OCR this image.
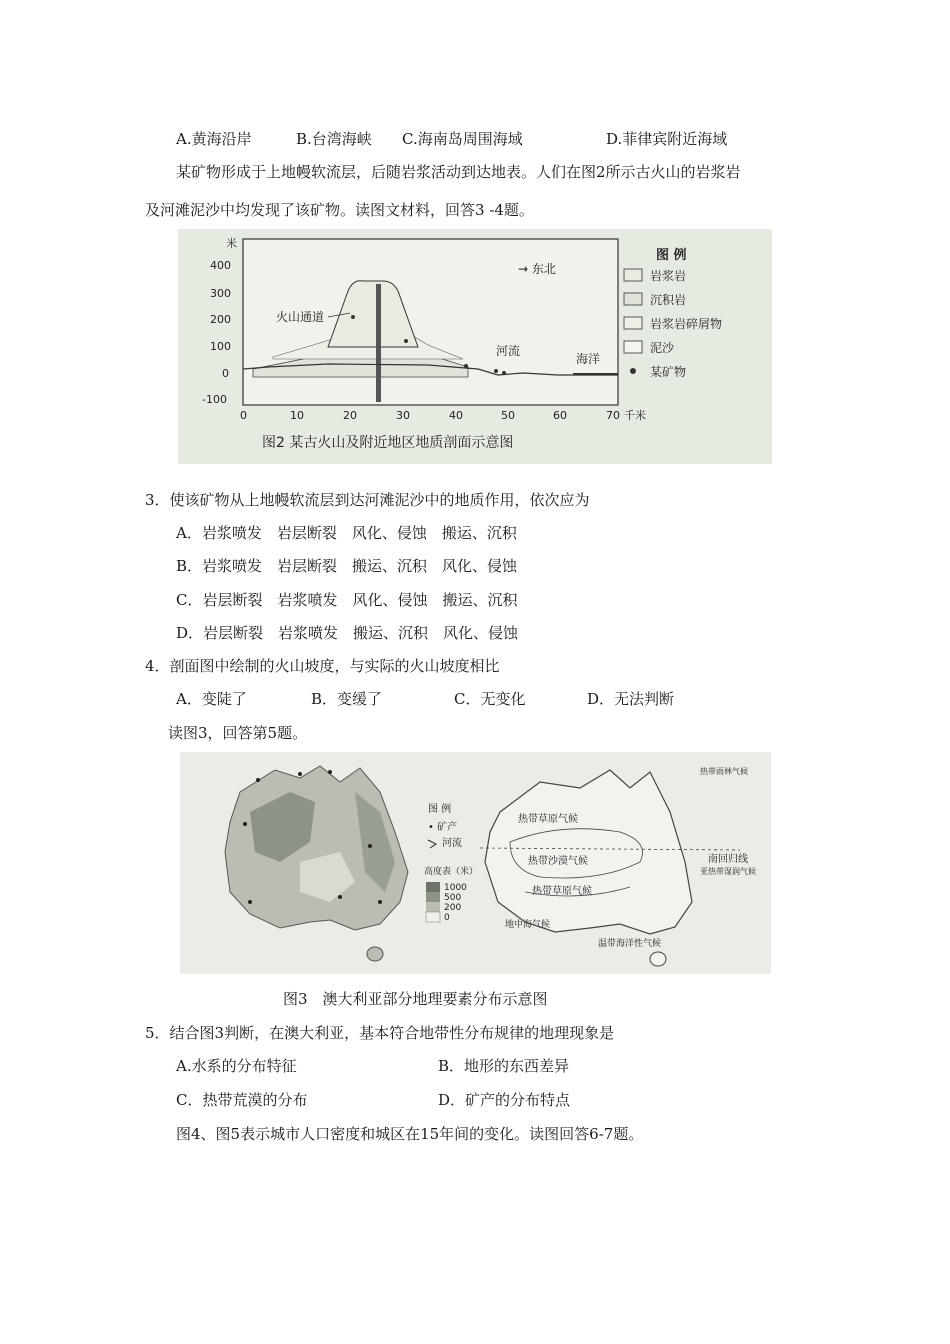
A.黄海沿岸	B.台湾海峡 C.海南岛周围海域	D.菲律宾附近海域
某矿物形成于上地幔软流层，后随岩浆活动到达地表。人们在图2所示古火山的岩浆岩
及河滩泥沙中均发现了该矿物。读图文材料，回答3 -4题。
米
400
300
200
100
0
-100
0	10	20	30	40	50	60	70 千米
火山通道
→ 东北
河流
海洋
图 例
岩浆岩
沉积岩
岩浆岩碎屑物
泥沙
某矿物
图2 某古火山及附近地区地质剖面示意图
3．使该矿物从上地幔软流层到达河滩泥沙中的地质作用，依次应为
A．岩浆喷发　岩层断裂　风化、侵蚀　搬运、沉积
B．岩浆喷发　岩层断裂　搬运、沉积　风化、侵蚀
C．岩层断裂　岩浆喷发　风化、侵蚀　搬运、沉积
D．岩层断裂　岩浆喷发　搬运、沉积　风化、侵蚀
4．剖面图中绘制的火山坡度，与实际的火山坡度相比
A．变陡了	B．变缓了	C．无变化	D．无法判断
读图3，回答第5题。
图 例
• 矿产
河流
高度表（米）
1000
500
200
0
热带草原气候
热带沙漠气候
热带草原气候
地中海气候
温带海洋性气候
热带雨林气候
亚热带湿润气候
南回归线
图3　澳大利亚部分地理要素分布示意图
5．结合图3判断，在澳大利亚，基本符合地带性分布规律的地理现象是
A.水系的分布特征	B．地形的东西差异
C．热带荒漠的分布	D．矿产的分布特点
图4、图5表示城市人口密度和城区在15年间的变化。读图回答6-7题。
